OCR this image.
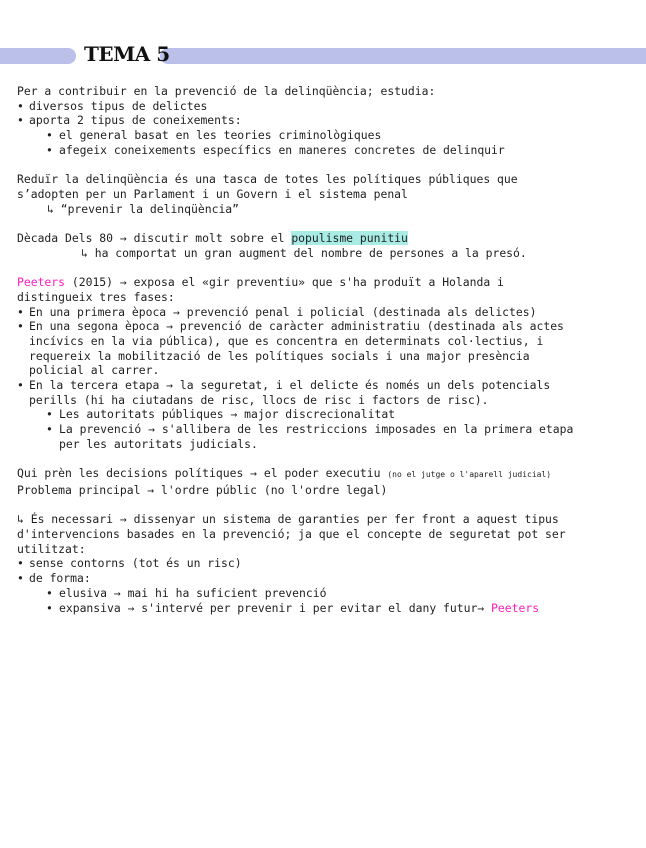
TEMA 5

Per a contribuir en la prevenció de la delinqüència; estudia:

• diversos tipus de delictes

• aporta 2 tipus de coneixements:

• el general basat en les teories criminològiques

• afegeix coneixements específics en maneres concretes de delinquir

Reduïr la delinqüència és una tasca de totes les polítiques públiques que

s’adopten per un Parlament i un Govern i el sistema penal

↳ “prevenir la delinqüència”

Dècada Dels 80 → discutir molt sobre el populisme punitiu

↳ ha comportat un gran augment del nombre de persones a la presó.

Peeters (2015) → exposa el «gir preventiu» que s'ha produït a Holanda i

distingueix tres fases:

• En una primera època → prevenció penal i policial (destinada als delictes)

• En una segona època → prevenció de caràcter administratiu (destinada als actes

incívics en la via pública), que es concentra en determinats col·lectius, i

requereix la mobilització de les polítiques socials i una major presència

policial al carrer.

• En la tercera etapa → la seguretat, i el delicte és només un dels potencials

perills (hi ha ciutadans de risc, llocs de risc i factors de risc).

• Les autoritats públiques → major discrecionalitat

• La prevenció → s'allibera de les restriccions imposades en la primera etapa

per les autoritats judicials.

Qui prèn les decisions polítiques → el poder executiu (no el jutge o l'aparell judicial)

Problema principal → l'ordre públic (no l'ordre legal)

↳ És necessari → dissenyar un sistema de garanties per fer front a aquest tipus

d'intervencions basades en la prevenció; ja que el concepte de seguretat pot ser

utilitzat:

• sense contorns (tot és un risc)

• de forma:

• elusiva → mai hi ha suficient prevenció

• expansiva → s'intervé per prevenir i per evitar el dany futur→ Peeters
